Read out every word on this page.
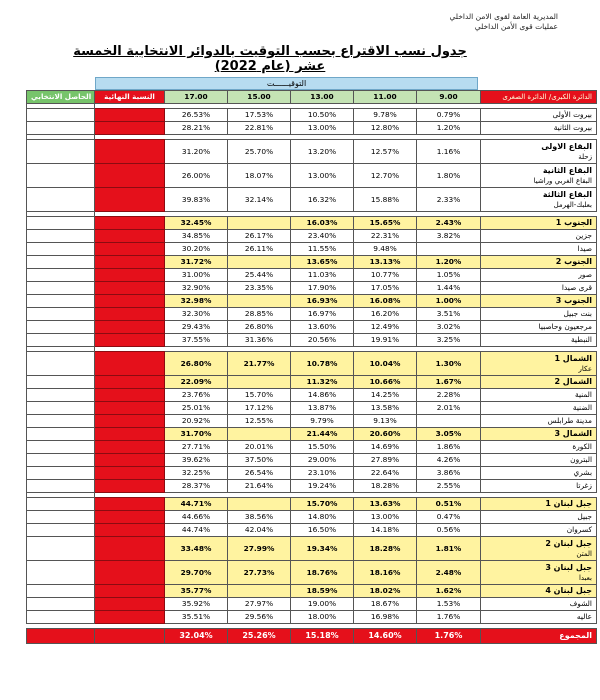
المديرية العامة لقوى الامن الداخلي
عمليات قوى الأمن الداخلي
جدول نسب الاقتراع بحسب التوقيت بالدوائر الانتخابية الخمسة عشر (عام 2022)
التوقيــــــت
الحاصل الانتخابي	النسبة النهائية	17.00	15.00	13.00	11.00	9.00	الدائرة الكبرى/ الدائرة الصغرى

		26.53%	17.53%	10.50%	9.78%	0.79%	بيروت الأولى
		28.21%	22.81%	13.00%	12.80%	1.20%	بيروت الثانية

		31.20%	25.70%	13.20%	12.57%	1.16%	البقاع الاولى
زحلة

		26.00%	18.07%	13.00%	12.70%	1.80%	البقاع الثانية
البقاع الغربي وراشيا

		39.83%	32.14%	16.32%	15.88%	2.33%	البقاع الثالثة
بعلبك-الهرمل

		32.45%		16.03%	15.65%	2.43%	الجنوب 1
		34.85%	26.17%	23.40%	22.31%	3.82%	جزين
		30.20%	26.11%	11.55%	9.48%		صيدا
		31.72%		13.65%	13.13%	1.20%	الجنوب 2
		31.00%	25.44%	11.03%	10.77%	1.05%	صور
		32.90%	23.35%	17.90%	17.05%	1.44%	قرى صيدا
		32.98%		16.93%	16.08%	1.00%	الجنوب 3
		32.30%	28.85%	16.97%	16.20%	3.51%	بنت جبيل
		29.43%	26.80%	13.60%	12.49%	3.02%	مرجعيون وحاصبيا
		37.55%	31.36%	20.56%	19.91%	3.25%	النبطية

		26.80%	21.77%	10.78%	10.04%	1.30%	الشمال 1
عكار

		22.09%		11.32%	10.66%	1.67%	الشمال 2
		23.76%	15.70%	14.86%	14.25%	2.28%	المنية
		25.01%	17.12%	13.87%	13.58%	2.01%	الضنية
		20.92%	12.55%	9.79%	9.13%		مدينة طرابلس
		31.70%		21.44%	20.60%	3.05%	الشمال 3
		27.71%	20.01%	15.50%	14.69%	1.86%	الكورة
		39.62%	37.50%	29.00%	27.89%	4.26%	البترون
		32.25%	26.54%	23.10%	22.64%	3.86%	بشري
		28.37%	21.64%	19.24%	18.28%	2.55%	زغرتا

		44.71%		15.70%	13.63%	0.51%	جبل لبنان 1
		44.66%	38.56%	14.80%	13.00%	0.47%	جبيل
		44.74%	42.04%	16.50%	14.18%	0.56%	كسروان
		33.48%	27.99%	19.34%	18.28%	1.81%	جبل لبنان 2
المتن

		29.70%	27.73%	18.76%	18.16%	2.48%	جبل لبنان 3
بعبدا

		35.77%		18.59%	18.02%	1.62%	جبل لبنان 4
		35.92%	27.97%	19.00%	18.67%	1.53%	الشوف
		35.51%	29.56%	18.00%	16.98%	1.76%	عاليه

		32.04%	25.26%	15.18%	14.60%	1.76%	المجموع
